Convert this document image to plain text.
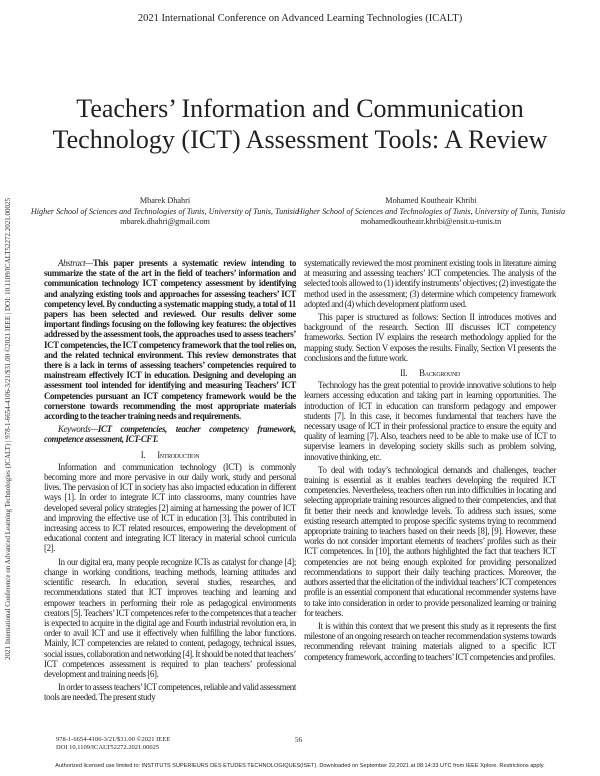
2021 International Conference on Advanced Learning Technologies (ICALT)
2021 International Conference on Advanced Learning Technologies (ICALT) | 978-1-6654-4106-3/21/$31.00 ©2021 IEEE | DOI: 10.1109/ICALT52272.2021.00025
Teachers’ Information and Communication Technology (ICT) Assessment Tools: A Review
Mbarek Dhahri
Higher School of Sciences and Technologies of Tunis, University of Tunis, Tunisia
mbarek.dhahri@gmail.com
Mohamed Koutheair Khribi
Higher School of Sciences and Technologies of Tunis, University of Tunis, Tunisia
mohamedkoutheair.khribi@ensit.u-tunis.tn

Abstract—This paper presents a systematic review intending to summarize the state of the art in the field of teachers’ information and communication technology ICT competency assessment by identifying and analyzing existing tools and approaches for assessing teachers’ ICT competency level. By conducting a systematic mapping study, a total of 11 papers has been selected and reviewed. Our results deliver some important findings focusing on the following key features: the objectives addressed by the assessment tools, the approaches used to assess teachers’ ICT competencies, the ICT competency framework that the tool relies on, and the related technical environment. This review demonstrates that there is a lack in terms of assessing teachers’ competencies required to mainstream effectively ICT in education. Designing and developing an assessment tool intended for identifying and measuring Teachers’ ICT Competencies pursuant an ICT competency framework would be the cornerstone towards recommending the most appropriate materials according to the teacher training needs and requirements.

Keywords—ICT competencies, teacher competency framework, competence assessment, ICT-CFT.

I. Introduction

Information and communication technology (ICT) is commonly becoming more and more pervasive in our daily work, study and personal lives. The pervasion of ICT in society has also impacted education in different ways [1]. In order to integrate ICT into classrooms, many countries have developed several policy strategies [2] aiming at harnessing the power of ICT and improving the effective use of ICT in education [3]. This contributed in increasing access to ICT related resources, empowering the development of educational content and integrating ICT literacy in material school curricula [2].

In our digital era, many people recognize ICTs as catalyst for change [4]; change in working conditions, teaching methods, learning attitudes and scientific research. In education, several studies, researches, and recommendations stated that ICT improves teaching and learning and empower teachers in performing their role as pedagogical environments creators [5]. Teachers’ ICT competences refer to the competences that a teacher is expected to acquire in the digital age and Fourth industrial revolution era, in order to avail ICT and use it effectively when fulfilling the labor functions. Mainly, ICT competencies are related to content, pedagogy, technical issues, social issues, collaboration and networking [4]. It should be noted that teachers’ ICT competences assessment is required to plan teachers’ professional development and training needs [6].

In order to assess teachers’ ICT competences, reliable and valid assessment tools are needed. The present study

systematically reviewed the most prominent existing tools in literature aiming at measuring and assessing teachers’ ICT competencies. The analysis of the selected tools allowed to (1) identify instruments’ objectives; (2) investigate the method used in the assessment; (3) determine which competency framework adopted and (4) which development platform used.

This paper is structured as follows: Section II introduces motives and background of the research. Section III discusses ICT competency frameworks. Section IV explains the research methodology applied for the mapping study. Section V exposes the results. Finally, Section VI presents the conclusions and the future work.

II. Background

Technology has the great potential to provide innovative solutions to help learners accessing education and taking part in learning opportunities. The introduction of ICT in education can transform pedagogy and empower students [7]. In this case, it becomes fundamental that teachers have the necessary usage of ICT in their professional practice to ensure the equity and quality of learning [7]. Also, teachers need to be able to make use of ICT to supervise learners in developing society skills such as problem solving, innovative thinking, etc.

To deal with today’s technological demands and challenges, teacher training is essential as it enables teachers developing the required ICT competencies. Nevertheless, teachers often run into difficulties in locating and selecting appropriate training resources aligned to their competencies, and that fit better their needs and knowledge levels. To address such issues, some existing research attempted to propose specific systems trying to recommend appropriate training to teachers based on their needs [8], [9]. However, these works do not consider important elements of teachers’ profiles such as their ICT competences. In [10], the authors highlighted the fact that teachers ICT competencies are not being enough exploited for providing personalized recommendations to support their daily teaching practices. Moreover, the authors asserted that the elicitation of the individual teachers’ ICT competences profile is an essential component that educational recommender systems have to take into consideration in order to provide personalized learning or training for teachers.

It is within this context that we present this study as it represents the first milestone of an ongoing research on teacher recommendation systems towards recommending relevant training materials aligned to a specific ICT competency framework, according to teachers’ ICT competencies and profiles.

978-1-6654-4106-3/21/$31.00 ©2021 IEEE
DOI 10.1109/ICALT52272.2021.00025
56
Authorized licensed use limited to: INSTITUTS SUPERIEURS DES ETUDES TECHNOLOGIQUES(ISET). Downloaded on September 22,2021 at 08:14:33 UTC from IEEE Xplore. Restrictions apply.
